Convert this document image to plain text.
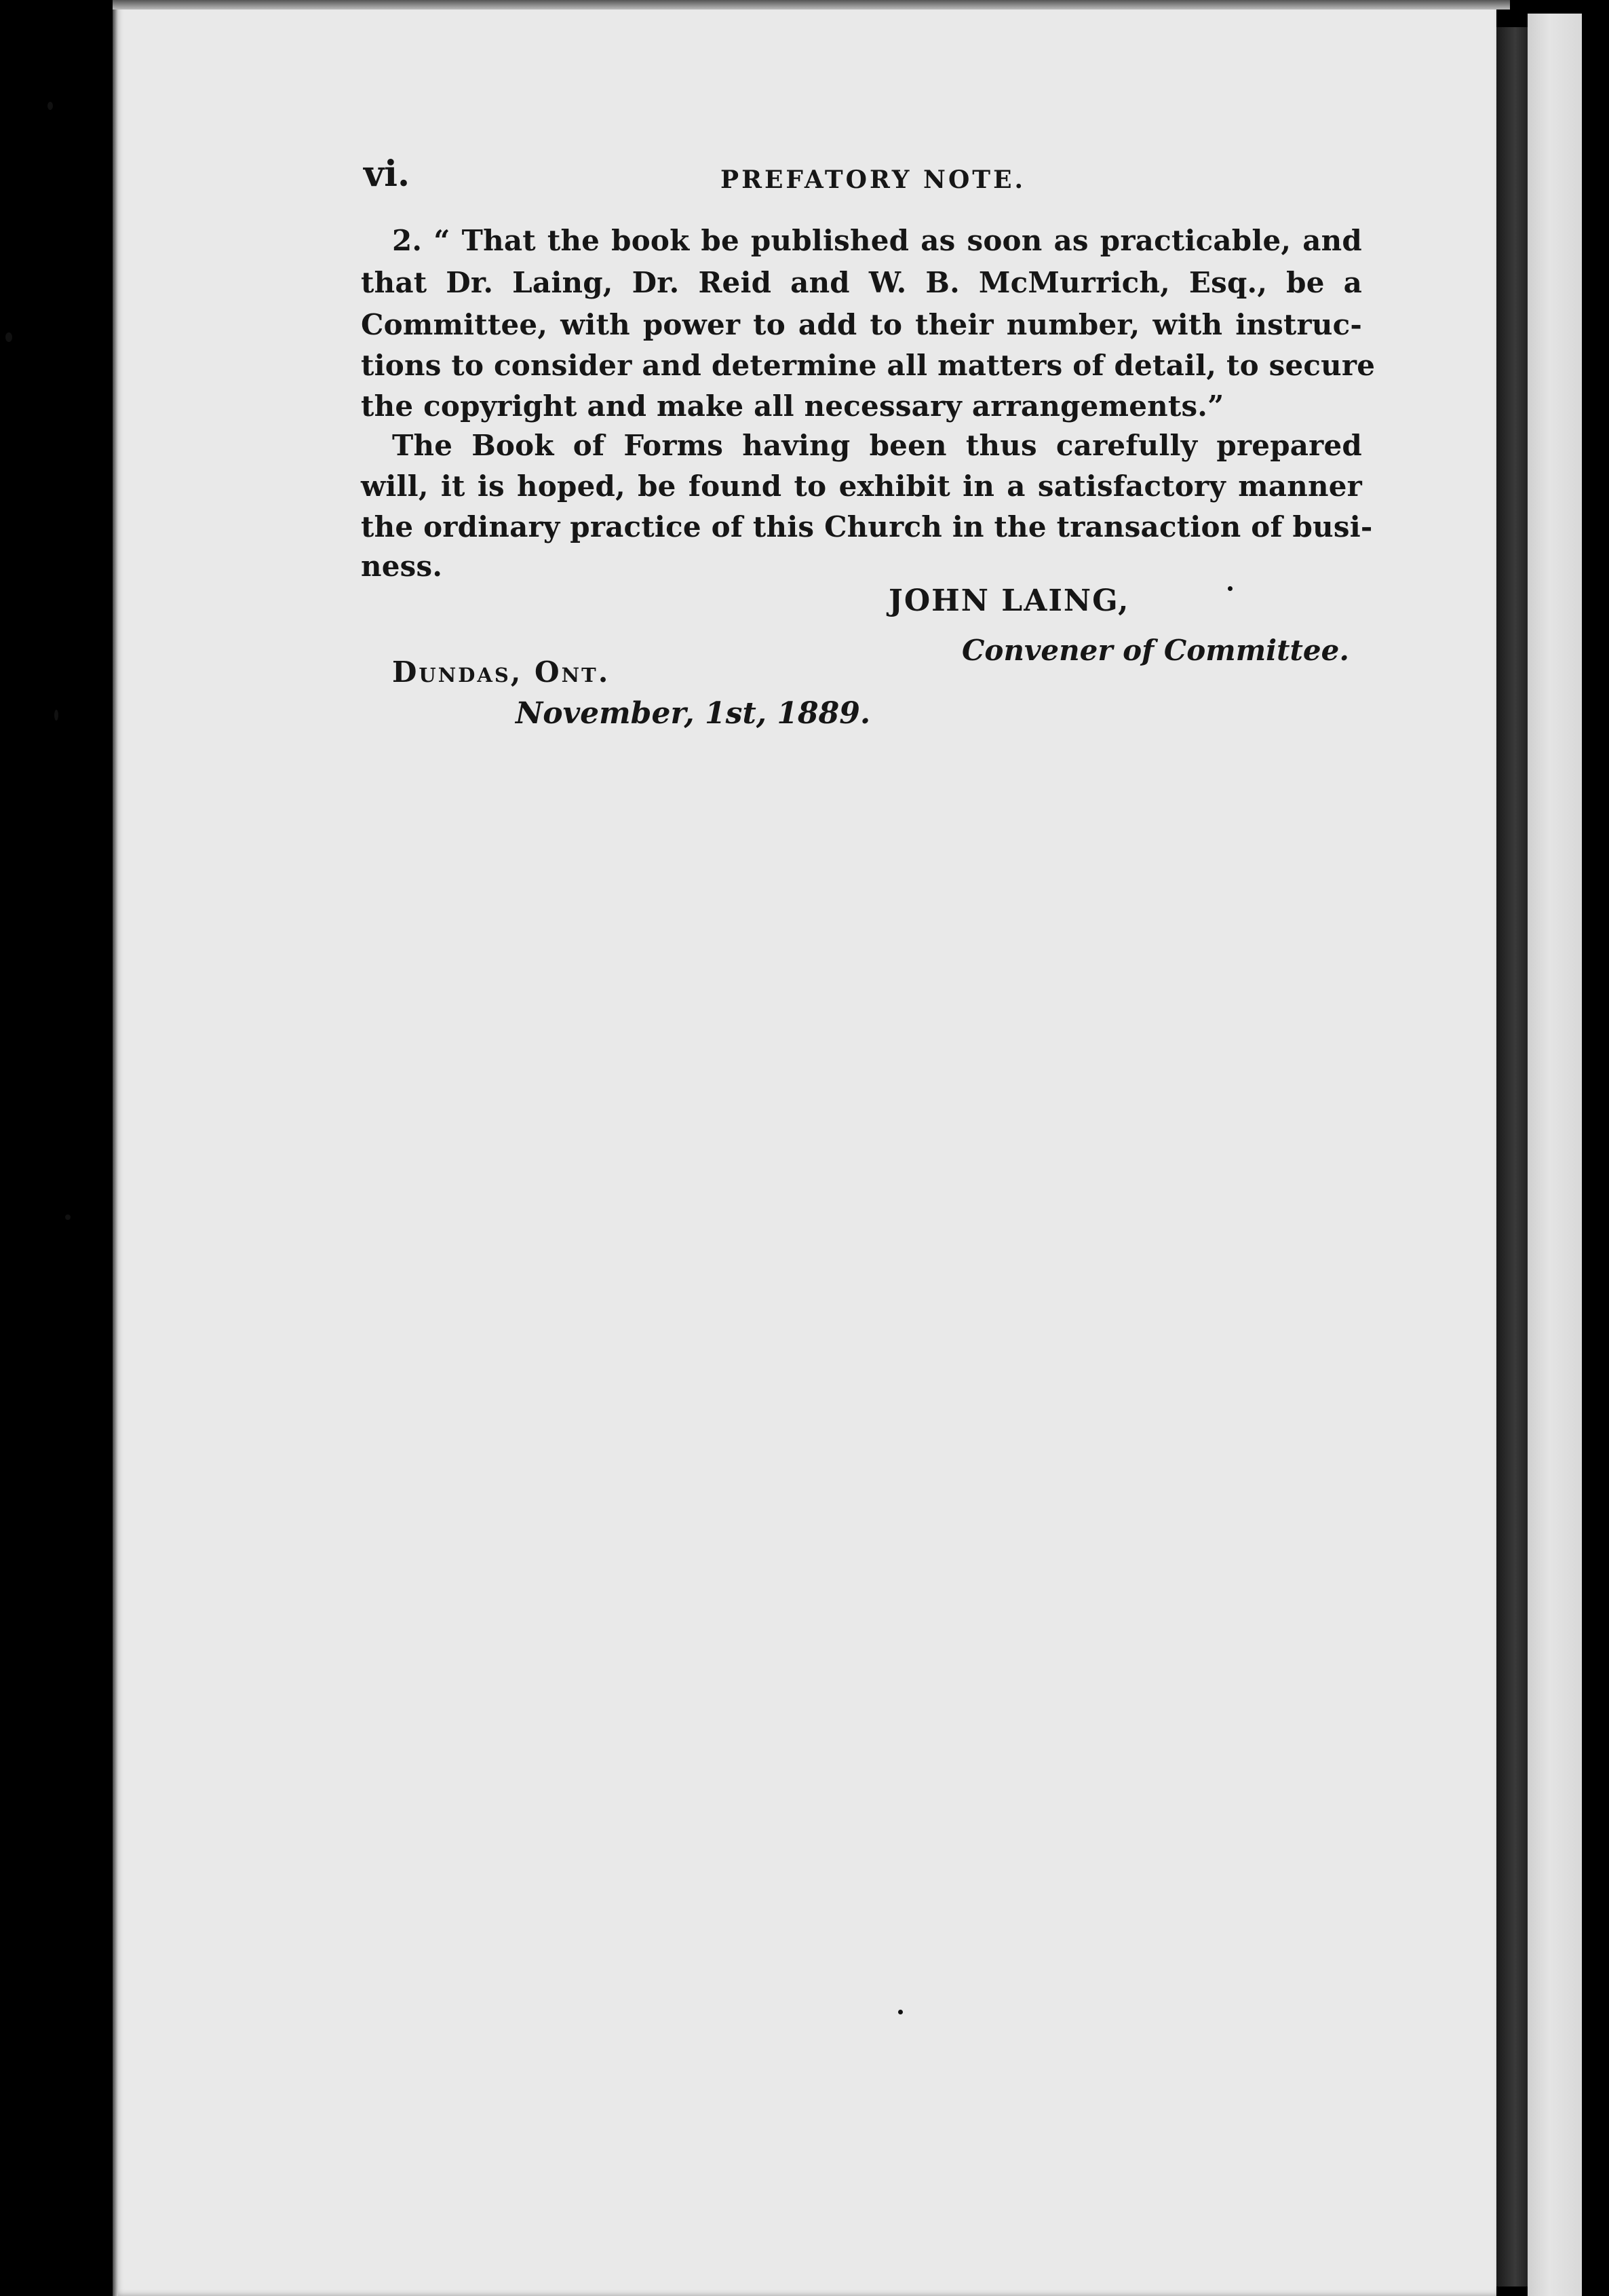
vi.	PREFATORY NOTE.
2. “ That the book be published as soon as practicable, and
that Dr. Laing, Dr. Reid and W. B. McMurrich, Esq., be a
Committee, with power to add to their number, with instruc-
tions to consider and determine all matters of detail, to secure
the copyright and make all necessary arrangements.”
The Book of Forms having been thus carefully prepared
will, it is hoped, be found to exhibit in a satisfactory manner
the ordinary practice of this Church in the transaction of busi-
ness.
JOHN LAING,
Convener of Committee.
Dundas, Ont.
November, 1st, 1889.
